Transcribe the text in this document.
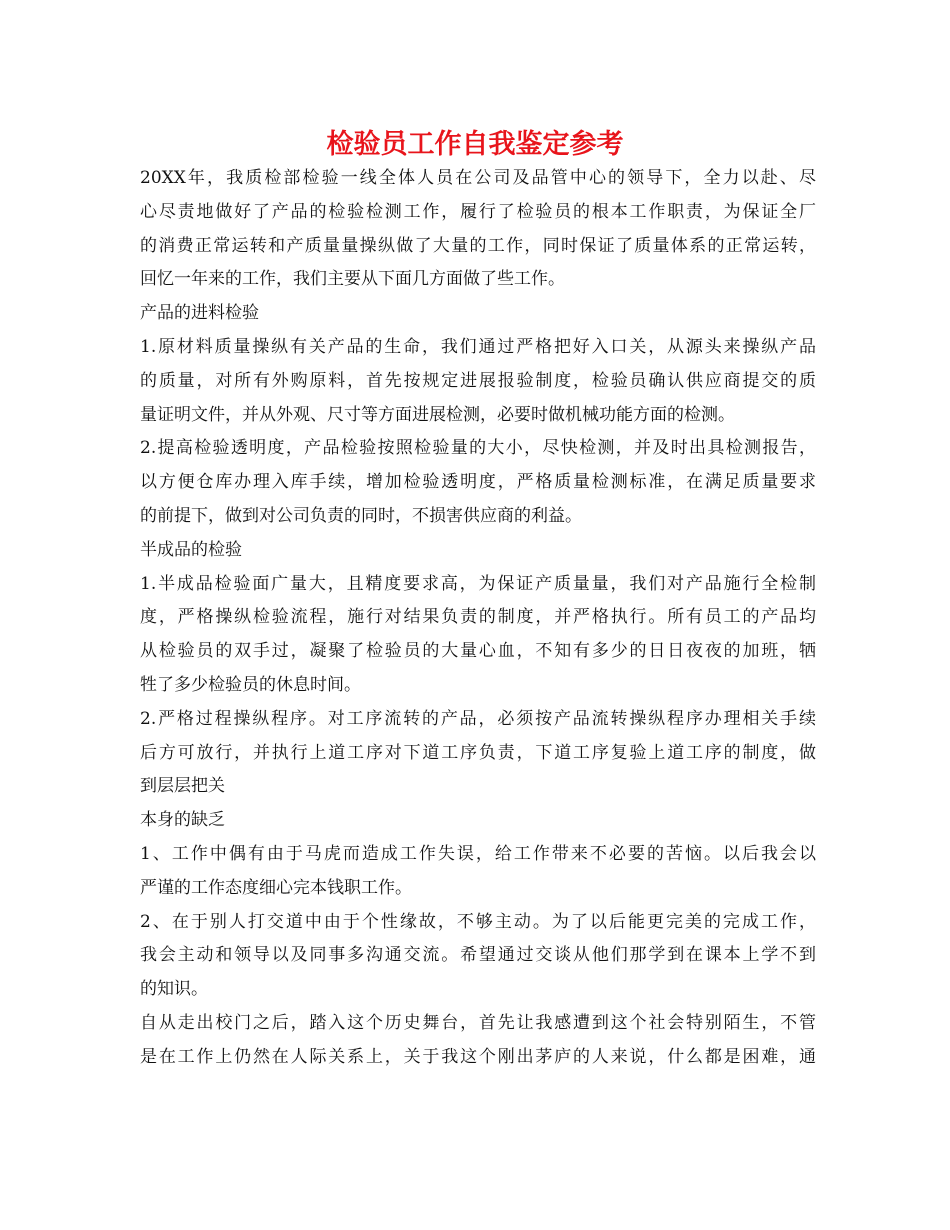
检验员工作自我鉴定参考
20XX年，我质检部检验一线全体人员在公司及品管中心的领导下，全力以赴、尽
心尽责地做好了产品的检验检测工作，履行了检验员的根本工作职责，为保证全厂
的消费正常运转和产质量量操纵做了大量的工作，同时保证了质量体系的正常运转，
回忆一年来的工作，我们主要从下面几方面做了些工作。
产品的进料检验
1.原材料质量操纵有关产品的生命，我们通过严格把好入口关，从源头来操纵产品
的质量，对所有外购原料，首先按规定进展报验制度，检验员确认供应商提交的质
量证明文件，并从外观、尺寸等方面进展检测，必要时做机械功能方面的检测。
2.提高检验透明度，产品检验按照检验量的大小，尽快检测，并及时出具检测报告，
以方便仓库办理入库手续，增加检验透明度，严格质量检测标准，在满足质量要求
的前提下，做到对公司负责的同时，不损害供应商的利益。
半成品的检验
1.半成品检验面广量大，且精度要求高，为保证产质量量，我们对产品施行全检制
度，严格操纵检验流程，施行对结果负责的制度，并严格执行。所有员工的产品均
从检验员的双手过，凝聚了检验员的大量心血，不知有多少的日日夜夜的加班，牺
牲了多少检验员的休息时间。
2.严格过程操纵程序。对工序流转的产品，必须按产品流转操纵程序办理相关手续
后方可放行，并执行上道工序对下道工序负责，下道工序复验上道工序的制度，做
到层层把关
本身的缺乏
1、工作中偶有由于马虎而造成工作失误，给工作带来不必要的苦恼。以后我会以
严谨的工作态度细心完本钱职工作。
2、在于别人打交道中由于个性缘故，不够主动。为了以后能更完美的完成工作，
我会主动和领导以及同事多沟通交流。希望通过交谈从他们那学到在课本上学不到
的知识。
自从走出校门之后，踏入这个历史舞台，首先让我感遭到这个社会特别陌生，不管
是在工作上仍然在人际关系上，关于我这个刚出茅庐的人来说，什么都是困难，通
